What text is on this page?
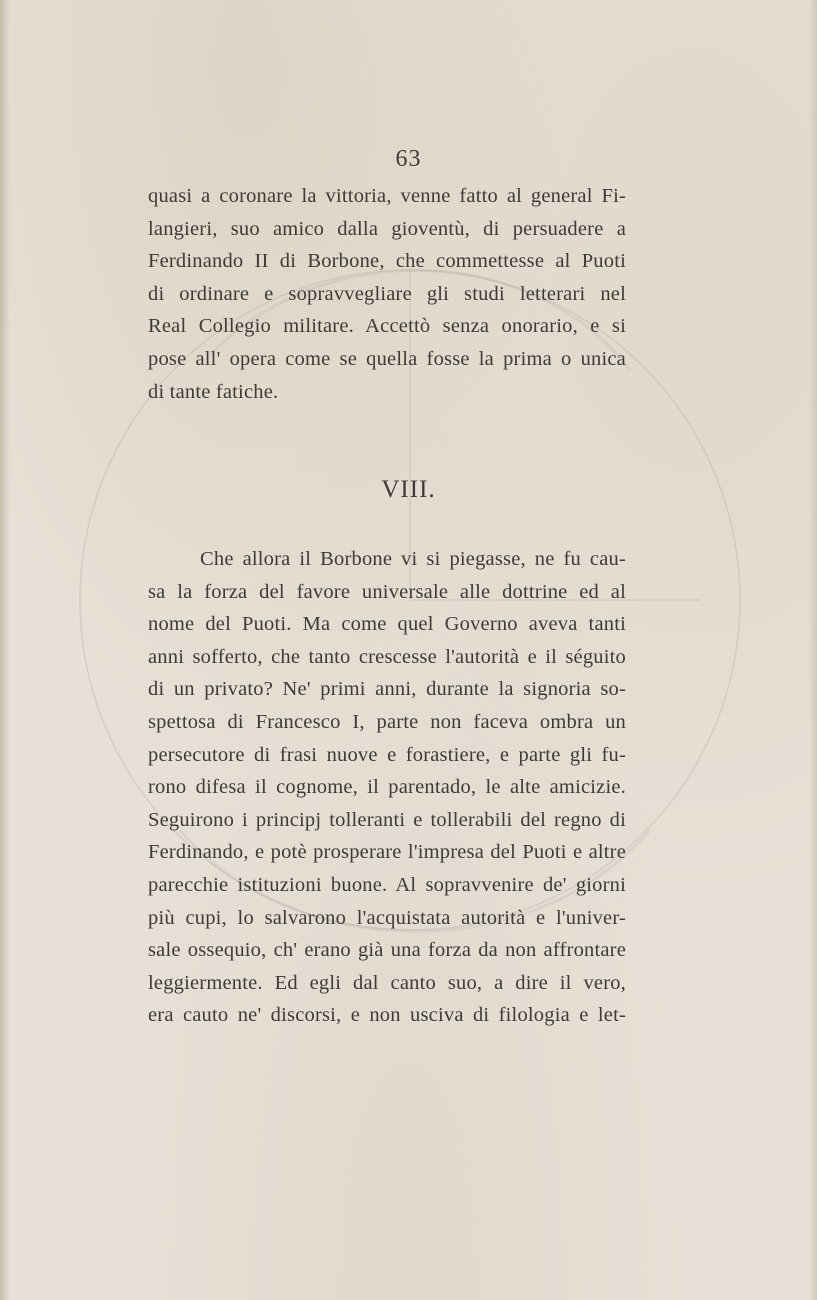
63
quasi a coronare la vittoria, venne fatto al general Fi-
langieri, suo amico dalla gioventù, di persuadere a
Ferdinando II di Borbone, che commettesse al Puoti
di ordinare e sopravvegliare gli studi letterari nel
Real Collegio militare. Accettò senza onorario, e si
pose all' opera come se quella fosse la prima o unica
di tante fatiche.
VIII.
Che allora il Borbone vi si piegasse, ne fu cau-
sa la forza del favore universale alle dottrine ed al
nome del Puoti. Ma come quel Governo aveva tanti
anni sofferto, che tanto crescesse l'autorità e il séguito
di un privato? Ne' primi anni, durante la signoria so-
spettosa di Francesco I, parte non faceva ombra un
persecutore di frasi nuove e forastiere, e parte gli fu-
rono difesa il cognome, il parentado, le alte amicizie.
Seguirono i principj tolleranti e tollerabili del regno di
Ferdinando, e potè prosperare l'impresa del Puoti e altre
parecchie istituzioni buone. Al sopravvenire de' giorni
più cupi, lo salvarono l'acquistata autorità e l'univer-
sale ossequio, ch' erano già una forza da non affrontare
leggiermente. Ed egli dal canto suo, a dire il vero,
era cauto ne' discorsi, e non usciva di filologia e let-
